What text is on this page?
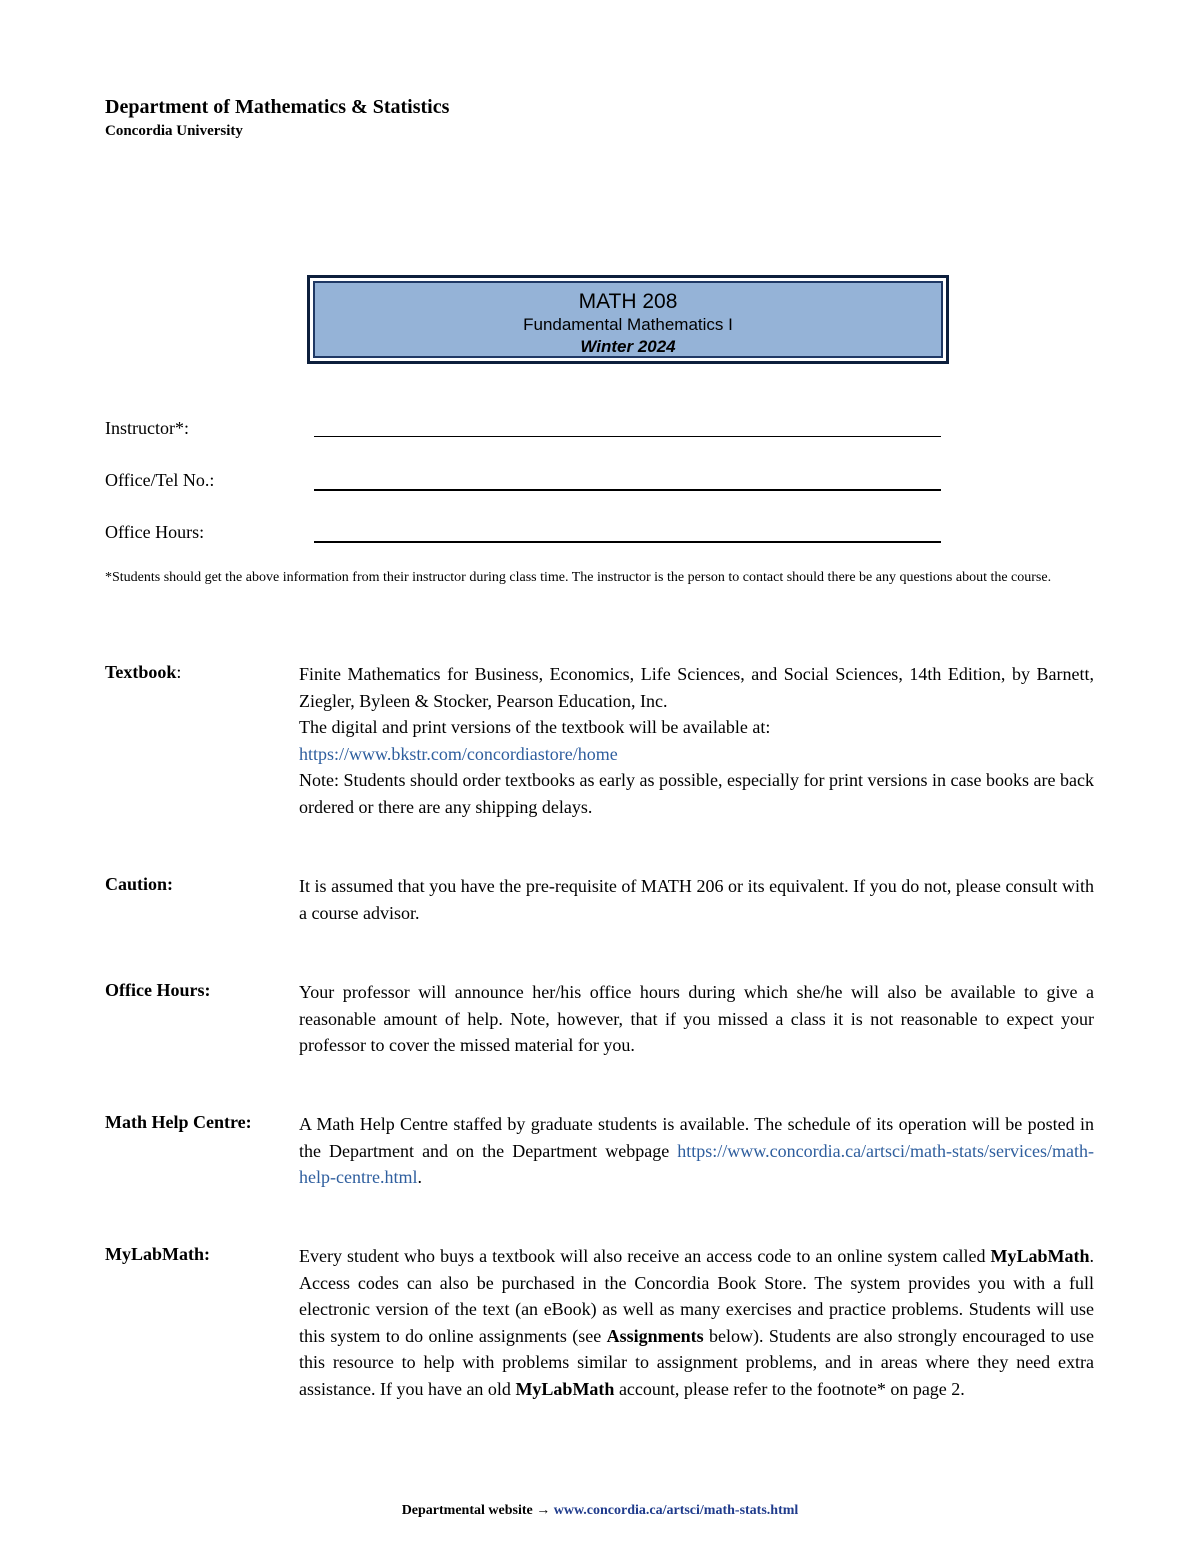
Department of Mathematics & Statistics
Concordia University
MATH 208
Fundamental Mathematics I
Winter 2024
Instructor*:
Office/Tel No.:
Office Hours:
*Students should get the above information from their instructor during class time. The instructor is the person to contact should there be any questions about the course.
Textbook:	Finite Mathematics for Business, Economics, Life Sciences, and Social Sciences, 14th Edition, by Barnett, Ziegler, Byleen & Stocker, Pearson Education, Inc.

The digital and print versions of the textbook will be available at:

https://www.bkstr.com/concordiastore/home

Note: Students should order textbooks as early as possible, especially for print versions in case books are back ordered or there are any shipping delays.

Caution:	It is assumed that you have the pre-requisite of MATH 206 or its equivalent. If you do not, please consult with a course advisor.
Office Hours:	Your professor will announce her/his office hours during which she/he will also be available to give a reasonable amount of help. Note, however, that if you missed a class it is not reasonable to expect your professor to cover the missed material for you.
Math Help Centre:	A Math Help Centre staffed by graduate students is available. The schedule of its operation will be posted in the Department and on the Department webpage https://www.concordia.ca/artsci/math-stats/services/math-help-centre.html.
MyLabMath:	Every student who buys a textbook will also receive an access code to an online system called MyLabMath. Access codes can also be purchased in the Concordia Book Store. The system provides you with a full electronic version of the text (an eBook) as well as many exercises and practice problems. Students will use this system to do online assignments (see Assignments below). Students are also strongly encouraged to use this resource to help with problems similar to assignment problems, and in areas where they need extra assistance. If you have an old MyLabMath account, please refer to the footnote* on page 2.
Departmental website → www.concordia.ca/artsci/math-stats.html
